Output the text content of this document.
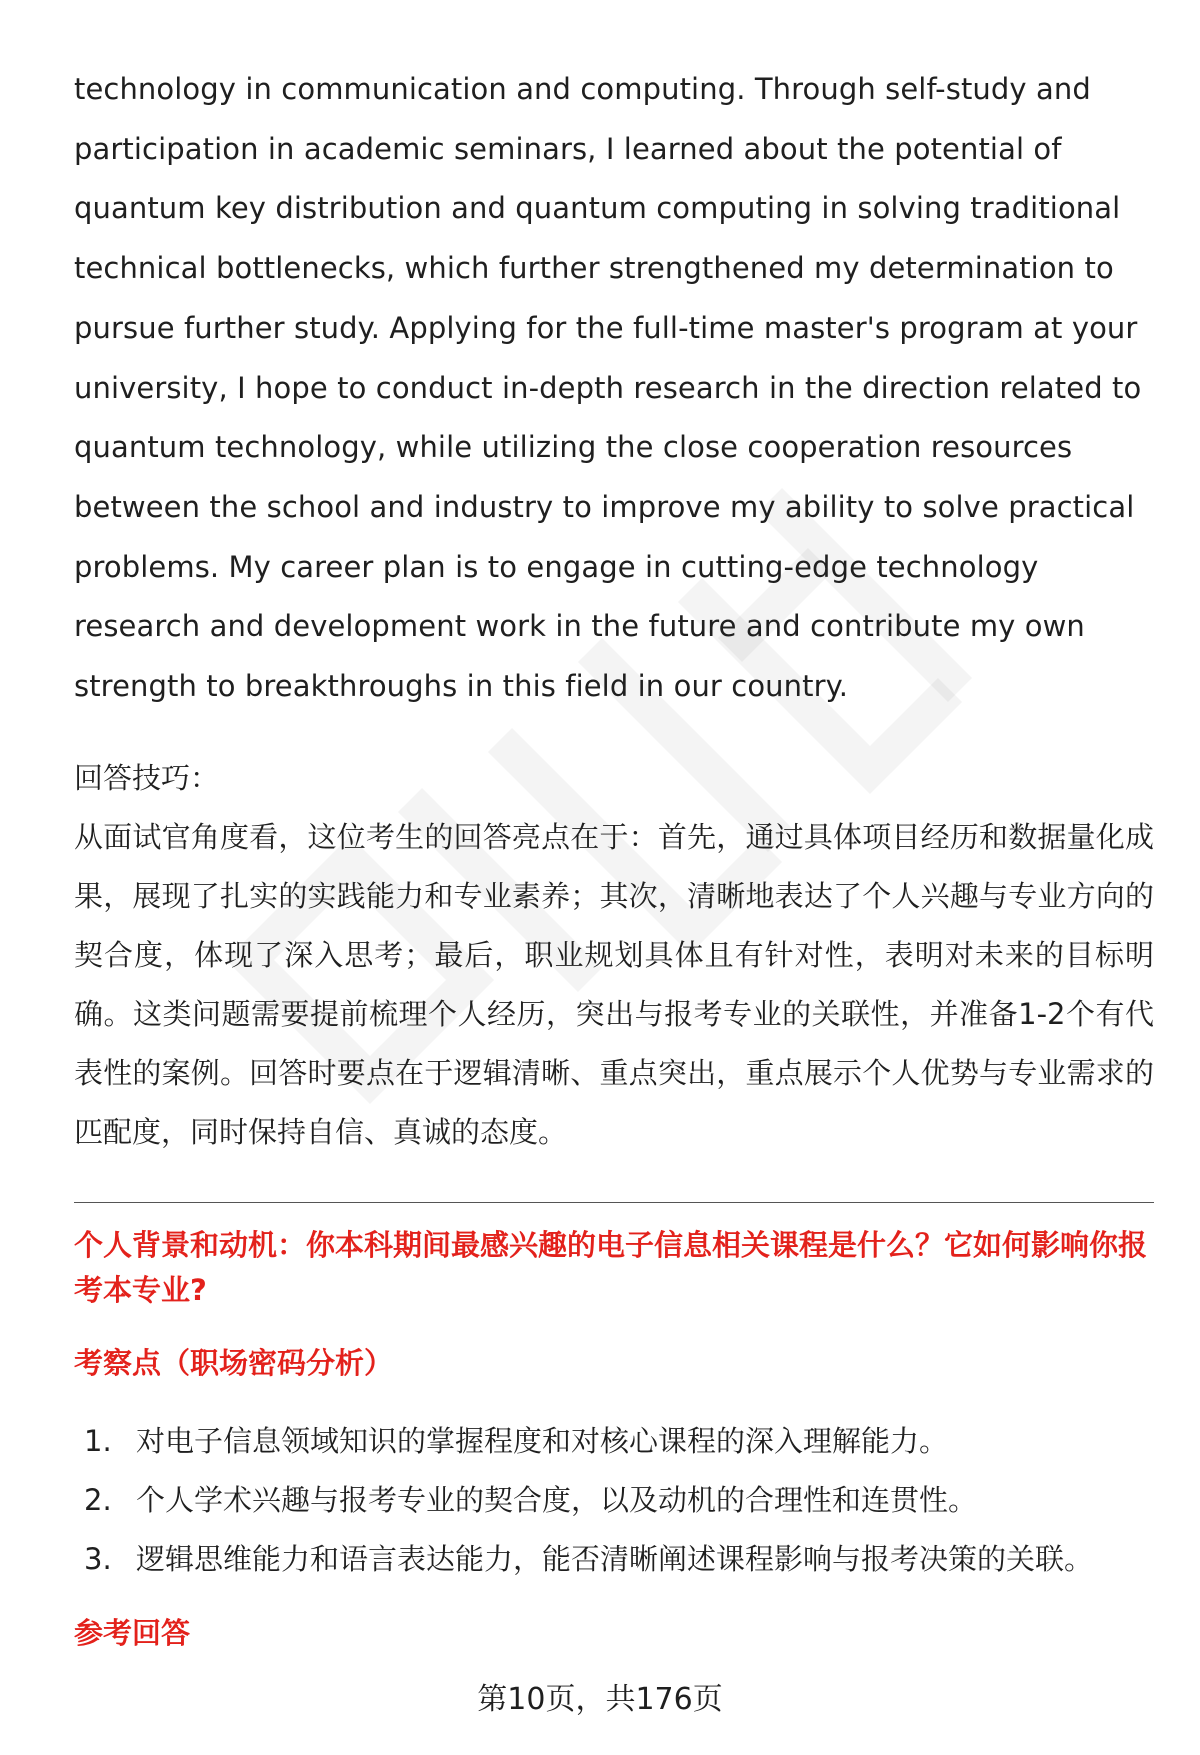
technology in communication and computing. Through self-study and participation in academic seminars, I learned about the potential of quantum key distribution and quantum computing in solving traditional technical bottlenecks, which further strengthened my determination to pursue further study. Applying for the full-time master's program at your university, I hope to conduct in-depth research in the direction related to quantum technology, while utilizing the close cooperation resources between the school and industry to improve my ability to solve practical problems. My career plan is to engage in cutting-edge technology research and development work in the future and contribute my own strength to breakthroughs in this field in our country.

回答技巧：

从面试官角度看，这位考生的回答亮点在于：首先，通过具体项目经历和数据量化成果，展现了扎实的实践能力和专业素养；其次，清晰地表达了个人兴趣与专业方向的契合度，体现了深入思考；最后，职业规划具体且有针对性，表明对未来的目标明确。这类问题需要提前梳理个人经历，突出与报考专业的关联性，并准备1-2个有代表性的案例。回答时要点在于逻辑清晰、重点突出，重点展示个人优势与专业需求的匹配度，同时保持自信、真诚的态度。

个人背景和动机：你本科期间最感兴趣的电子信息相关课程是什么？它如何影响你报考本专业?

考察点（职场密码分析）

1. 对电子信息领域知识的掌握程度和对核心课程的深入理解能力。
2. 个人学术兴趣与报考专业的契合度，以及动机的合理性和连贯性。
3. 逻辑思维能力和语言表达能力，能否清晰阐述课程影响与报考决策的关联。

参考回答

第10页，共176页
